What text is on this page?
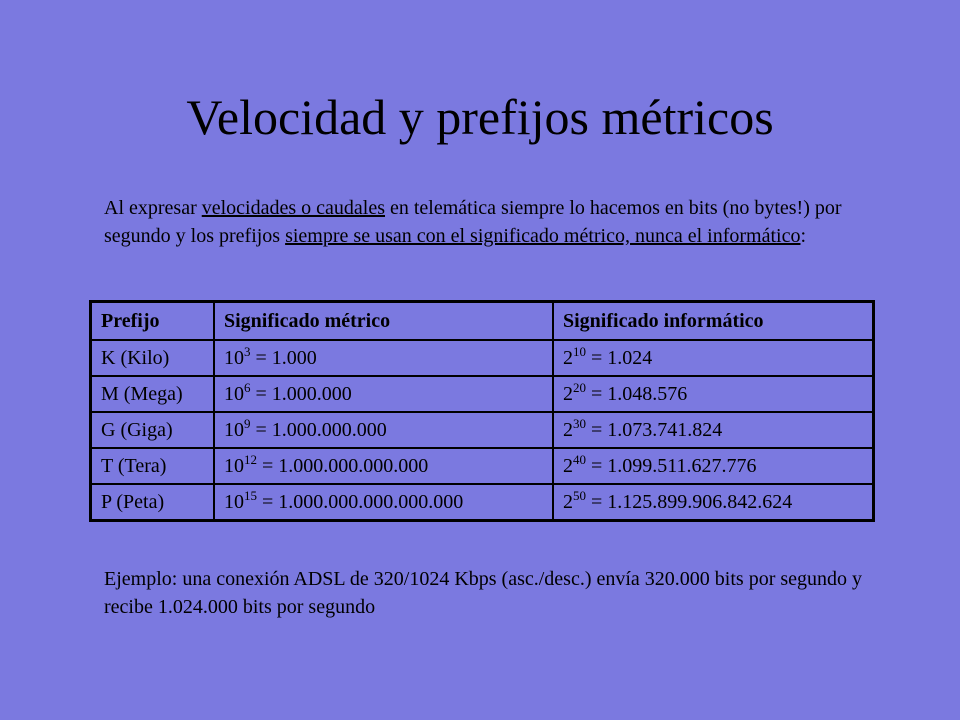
Velocidad y prefijos métricos
Al expresar velocidades o caudales en telemática siempre lo hacemos en bits (no bytes!) por segundo y los prefijos siempre se usan con el significado métrico, nunca el informático:
Prefijo	Significado métrico	Significado informático
K (Kilo)	$10^3 = 1.000$	$2^{10} = 1.024$
M (Mega)	$10^6 = 1.000.000$	$2^{20} = 1.048.576$
G (Giga)	$10^9 = 1.000.000.000$	$2^{30} = 1.073.741.824$
T (Tera)	$10^{12} = 1.000.000.000.000$	$2^{40} = 1.099.511.627.776$
P (Peta)	$10^{15} = 1.000.000.000.000.000$	$2^{50} = 1.125.899.906.842.624$
Ejemplo: una conexión ADSL de 320/1024 Kbps (asc./desc.) envía 320.000 bits por segundo y recibe 1.024.000 bits por segundo
